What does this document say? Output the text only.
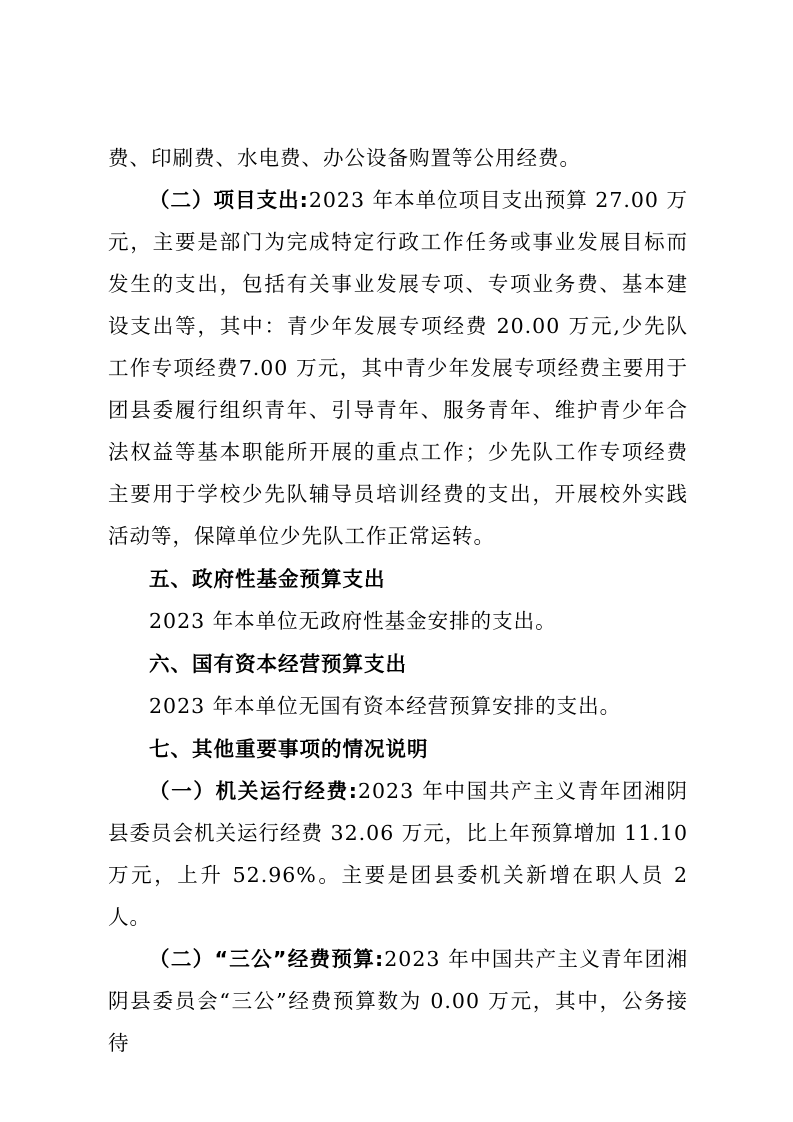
费、印刷费、水电费、办公设备购置等公用经费。

（二）项目支出:2023 年本单位项目支出预算 27.00 万元，主要是部门为完成特定行政工作任务或事业发展目标而发生的支出，包括有关事业发展专项、专项业务费、基本建设支出等，其中：青少年发展专项经费 20.00 万元,少先队工作专项经费7.00 万元，其中青少年发展专项经费主要用于团县委履行组织青年、引导青年、服务青年、维护青少年合法权益等基本职能所开展的重点工作；少先队工作专项经费主要用于学校少先队辅导员培训经费的支出，开展校外实践活动等，保障单位少先队工作正常运转。

五、政府性基金预算支出

2023 年本单位无政府性基金安排的支出。

六、国有资本经营预算支出

2023 年本单位无国有资本经营预算安排的支出。

七、其他重要事项的情况说明

（一）机关运行经费:2023 年中国共产主义青年团湘阴县委员会机关运行经费 32.06 万元，比上年预算增加 11.10 万元，上升 52.96%。主要是团县委机关新增在职人员 2 人。

（二）“三公”经费预算:2023 年中国共产主义青年团湘阴县委员会“三公”经费预算数为 0.00 万元，其中，公务接待
